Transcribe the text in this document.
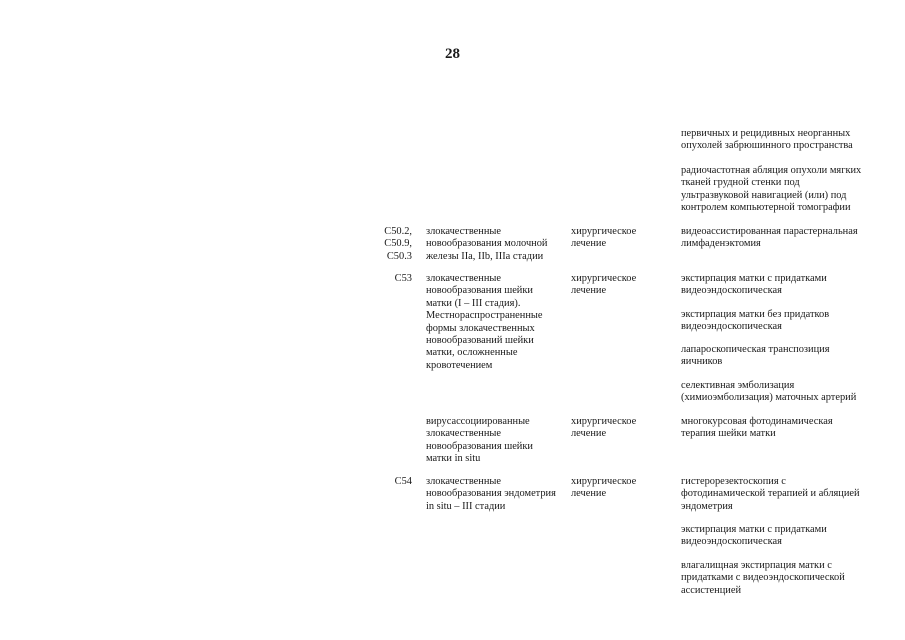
28
первичных и рецидивных неорганных
опухолей забрюшинного пространства
радиочастотная абляция опухоли мягких
тканей грудной стенки под
ультразвуковой навигацией (или) под
контролем компьютерной томографии
C50.2,
C50.9,
C50.3
злокачественные
новообразования молочной
железы IIa, IIb, IIIa стадии
хирургическое
лечение
видеоассистированная парастернальная
лимфаденэктомия
C53 злокачественные
новообразования шейки
матки (I – III стадия).
Местнораспространенные
формы злокачественных
новообразований шейки
матки, осложненные
кровотечением
хирургическое
лечение
экстирпация матки с придатками
видеоэндоскопическая
экстирпация матки без придатков
видеоэндоскопическая
лапароскопическая транспозиция
яичников
селективная эмболизация
(химиоэмболизация) маточных артерий
вирусассоциированные
злокачественные
новообразования шейки
матки in situ
хирургическое
лечение
многокурсовая фотодинамическая
терапия шейки матки
C54 злокачественные
новообразования эндометрия
in situ – III стадии
хирургическое
лечение
гистерорезектоскопия с
фотодинамической терапией и абляцией
эндометрия
экстирпация матки с придатками
видеоэндоскопическая
влагалищная экстирпация матки с
придатками с видеоэндоскопической
ассистенцией
